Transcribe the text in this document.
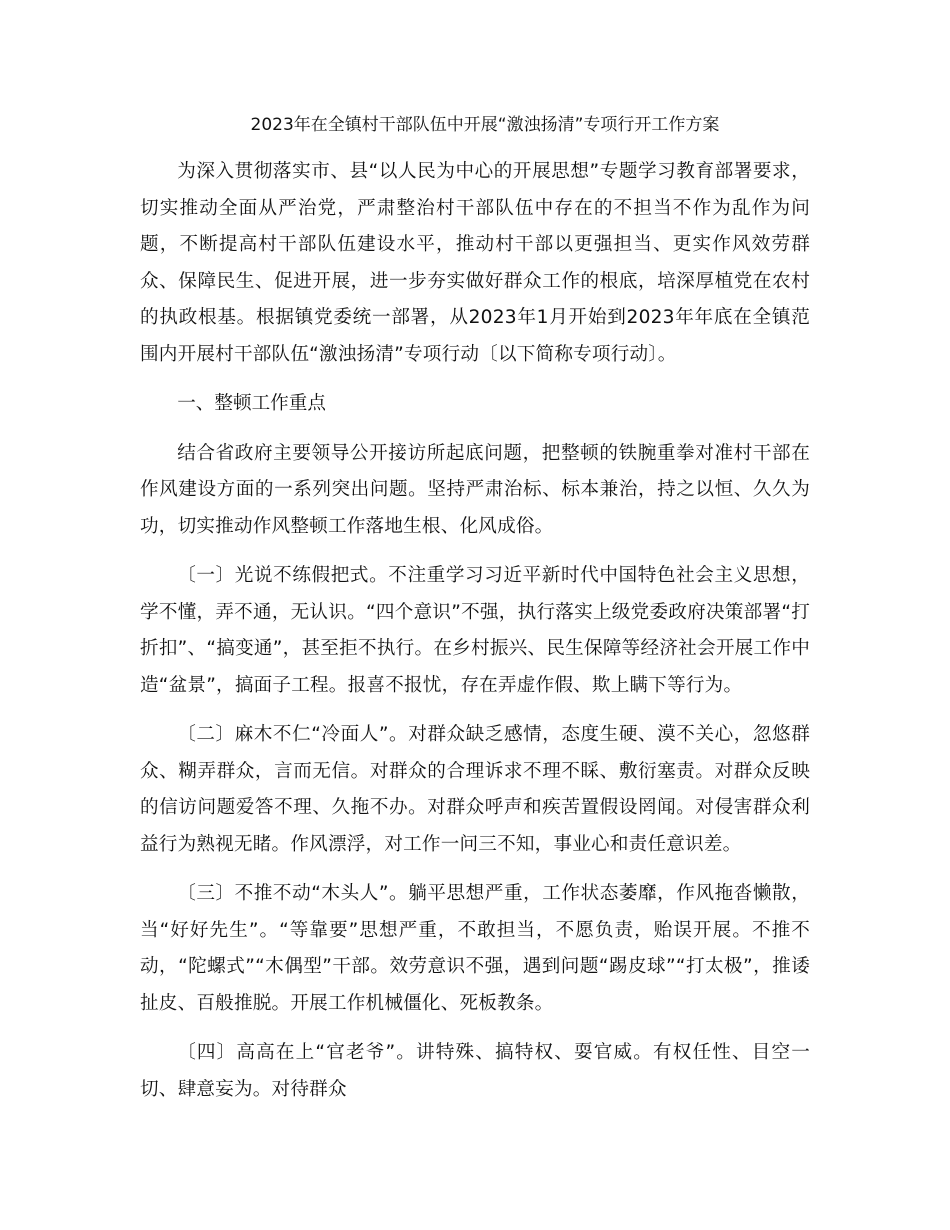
2023年在全镇村干部队伍中开展“激浊扬清”专项行开工作方案

为深入贯彻落实市、县“以人民为中心的开展思想”专题学习教育部署要求，切实推动全面从严治党，严肃整治村干部队伍中存在的不担当不作为乱作为问题，不断提高村干部队伍建设水平，推动村干部以更强担当、更实作风效劳群众、保障民生、促进开展，进一步夯实做好群众工作的根底，培深厚植党在农村的执政根基。根据镇党委统一部署，从2023年1月开始到2023年年底在全镇范围内开展村干部队伍“激浊扬清”专项行动〔以下简称专项行动〕。

一、整顿工作重点

结合省政府主要领导公开接访所起底问题，把整顿的铁腕重拳对准村干部在作风建设方面的一系列突出问题。坚持严肃治标、标本兼治，持之以恒、久久为功，切实推动作风整顿工作落地生根、化风成俗。

〔一〕光说不练假把式。不注重学习习近平新时代中国特色社会主义思想，学不懂，弄不通，无认识。“四个意识”不强，执行落实上级党委政府决策部署“打折扣”、“搞变通”，甚至拒不执行。在乡村振兴、民生保障等经济社会开展工作中造“盆景”，搞面子工程。报喜不报忧，存在弄虚作假、欺上瞒下等行为。

〔二〕麻木不仁“冷面人”。对群众缺乏感情，态度生硬、漠不关心，忽悠群众、糊弄群众，言而无信。对群众的合理诉求不理不睬、敷衍塞责。对群众反映的信访问题爱答不理、久拖不办。对群众呼声和疾苦置假设罔闻。对侵害群众利益行为熟视无睹。作风漂浮，对工作一问三不知，事业心和责任意识差。

〔三〕不推不动“木头人”。躺平思想严重，工作状态萎靡，作风拖沓懒散，当“好好先生”。“等靠要”思想严重，不敢担当，不愿负责，贻误开展。不推不动，“陀螺式”“木偶型”干部。效劳意识不强，遇到问题“踢皮球”“打太极”，推诿扯皮、百般推脱。开展工作机械僵化、死板教条。

〔四〕高高在上“官老爷”。讲特殊、搞特权、耍官威。有权任性、目空一切、肆意妄为。对待群众
